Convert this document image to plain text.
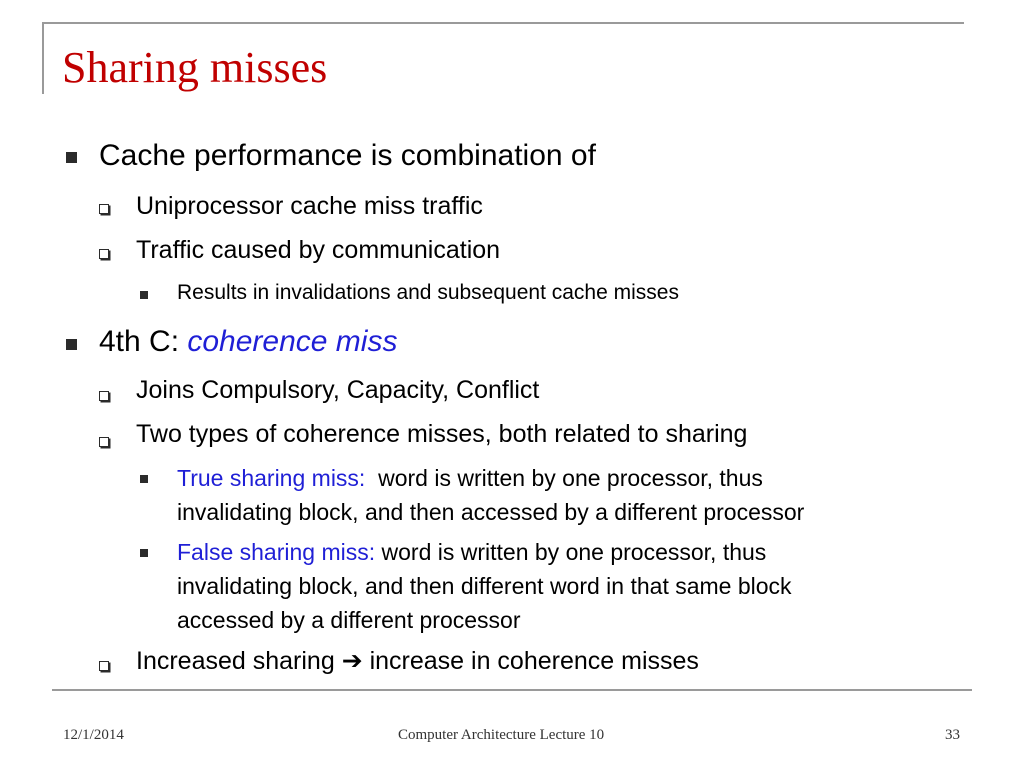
Sharing misses
Cache performance is combination of
Uniprocessor cache miss traffic
Traffic caused by communication
Results in invalidations and subsequent cache misses
4th C: coherence miss
Joins Compulsory, Capacity, Conflict
Two types of coherence misses, both related to sharing
True sharing miss:  word is written by one processor, thus
invalidating block, and then accessed by a different processor
False sharing miss: word is written by one processor, thus
invalidating block, and then different word in that same block
accessed by a different processor
Increased sharing ➔ increase in coherence misses
12/1/2014	Computer Architecture Lecture 10	33
